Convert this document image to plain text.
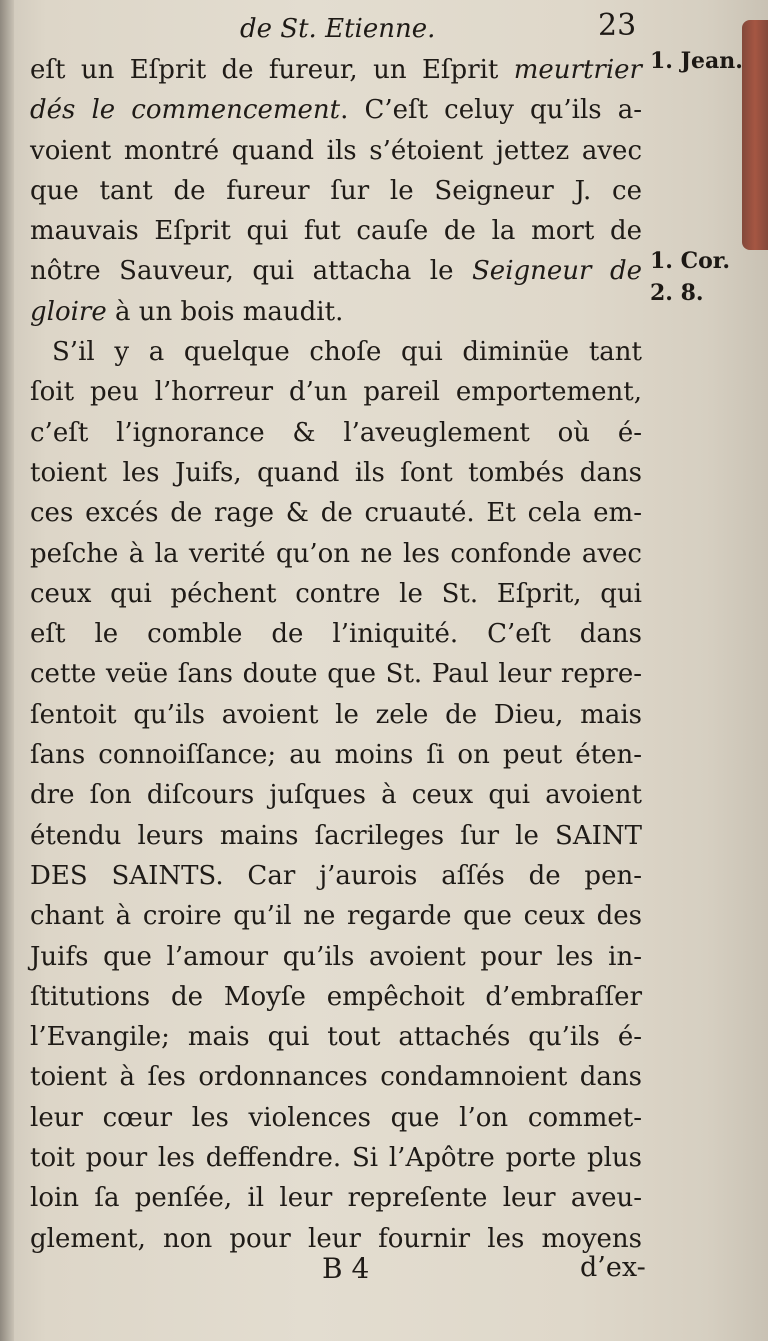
de St. Etienne.	23
1. Jean.
1. Cor.
2. 8.
eſt un Eſprit de fureur, un Eſprit meurtrier
dés le commencement. C’eſt celuy qu’ils a-
voient montré quand ils s’étoient jettez avec
que tant de fureur ſur le Seigneur J. ce
mauvais Eſprit qui fut cauſe de la mort de
nôtre Sauveur, qui attacha le Seigneur de
gloire à un bois maudit.
S’il y a quelque choſe qui diminüe tant
ſoit peu l’horreur d’un pareil emportement,
c’eſt l’ignorance & l’aveuglement où é-
toient les Juifs, quand ils ſont tombés dans
ces excés de rage & de cruauté. Et cela em-
peſche à la verité qu’on ne les confonde avec
ceux qui péchent contre le St. Eſprit, qui
eſt le comble de l’iniquité. C’eſt dans
cette veüe ſans doute que St. Paul leur repre-
ſentoit qu’ils avoient le zele de Dieu, mais
ſans connoiſſance; au moins ſi on peut éten-
dre ſon diſcours juſques à ceux qui avoient
étendu leurs mains ſacrileges ſur le SAINT
DES SAINTS. Car j’aurois aſſés de pen-
chant à croire qu’il ne regarde que ceux des
Juifs que l’amour qu’ils avoient pour les in-
ſtitutions de Moyſe empêchoit d’embraſſer
l’Evangile; mais qui tout attachés qu’ils é-
toient à ſes ordonnances condamnoient dans
leur cœur les violences que l’on commet-
toit pour les deffendre. Si l’Apôtre porte plus
loin ſa penſée, il leur repreſente leur aveu-
glement, non pour leur fournir les moyens
B 4	d’ex-
